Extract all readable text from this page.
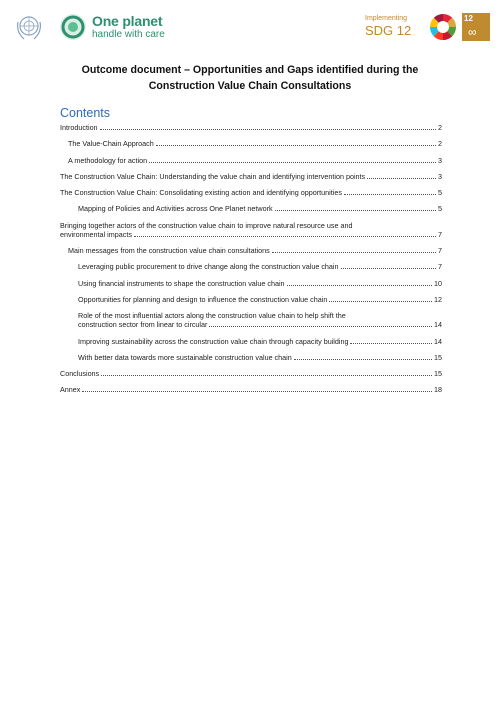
One planet
handle with care
Implementing
SDG 12
12
∞
Outcome document – Opportunities and Gaps identified during the
Construction Value Chain Consultations
Contents
Introduction	2
The Value-Chain Approach	2
A methodology for action	3
The Construction Value Chain: Understanding the value chain and identifying intervention points	3
The Construction Value Chain: Consolidating existing action and identifying opportunities	5
Mapping of Policies and Activities across One Planet network	5
Bringing together actors of the construction value chain to improve natural resource use and
environmental impacts	7
Main messages from the construction value chain consultations	7
Leveraging public procurement to drive change along the construction value chain	7
Using financial instruments to shape the construction value chain	10
Opportunities for planning and design to influence the construction value chain	12
Role of the most influential actors along the construction value chain to help shift the
construction sector from linear to circular	14
Improving sustainability across the construction value chain through capacity building	14
With better data towards more sustainable construction value chain	15
Conclusions	15
Annex	18
